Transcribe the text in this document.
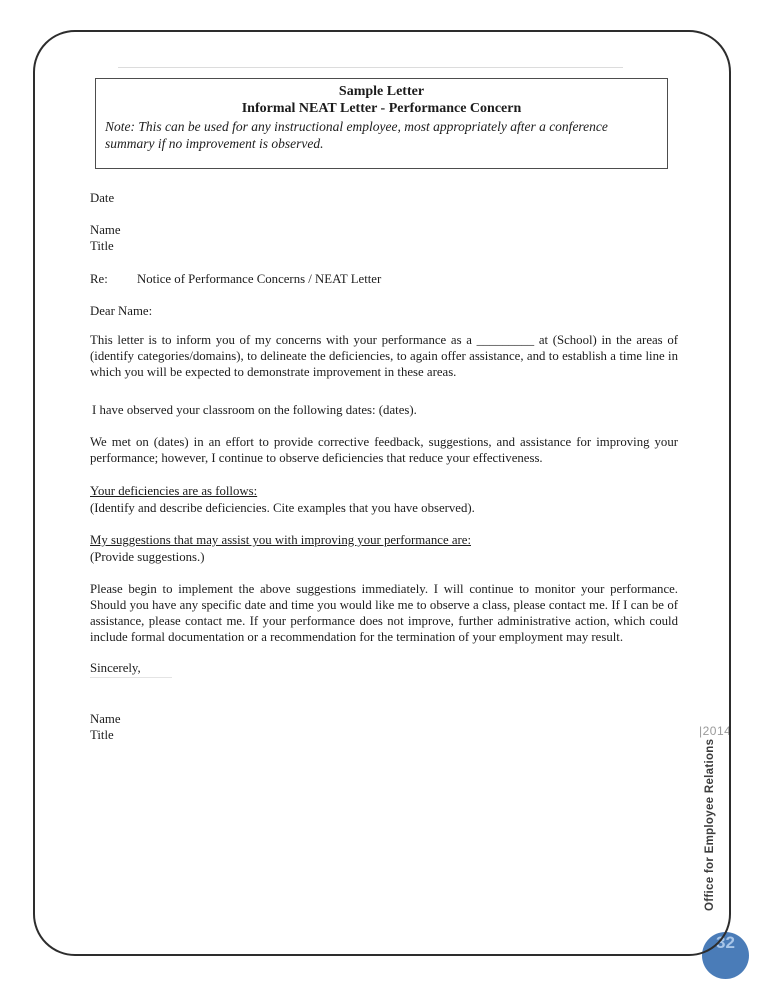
Sample Letter
Informal NEAT Letter - Performance Concern
Note: This can be used for any instructional employee, most appropriately after a conference summary if no improvement is observed.
Date
Name
Title
Re:	Notice of Performance Concerns / NEAT Letter
Dear Name:
This letter is to inform you of my concerns with your performance as a _________ at (School) in the areas of (identify categories/domains), to delineate the deficiencies, to again offer assistance, and to establish a time line in which you will be expected to demonstrate improvement in these areas.
I have observed your classroom on the following dates: (dates).
We met on (dates) in an effort to provide corrective feedback, suggestions, and assistance for improving your performance; however, I continue to observe deficiencies that reduce your effectiveness.
Your deficiencies are as follows:
(Identify and describe deficiencies. Cite examples that you have observed).
My suggestions that may assist you with improving your performance are:
(Provide suggestions.)
Please begin to implement the above suggestions immediately. I will continue to monitor your performance. Should you have any specific date and time you would like me to observe a class, please contact me. If I can be of assistance, please contact me. If your performance does not improve, further administrative action, which could include formal documentation or a recommendation for the termination of your employment may result.
Sincerely,
Name
Title	|2014
Office for Employee Relations
32
